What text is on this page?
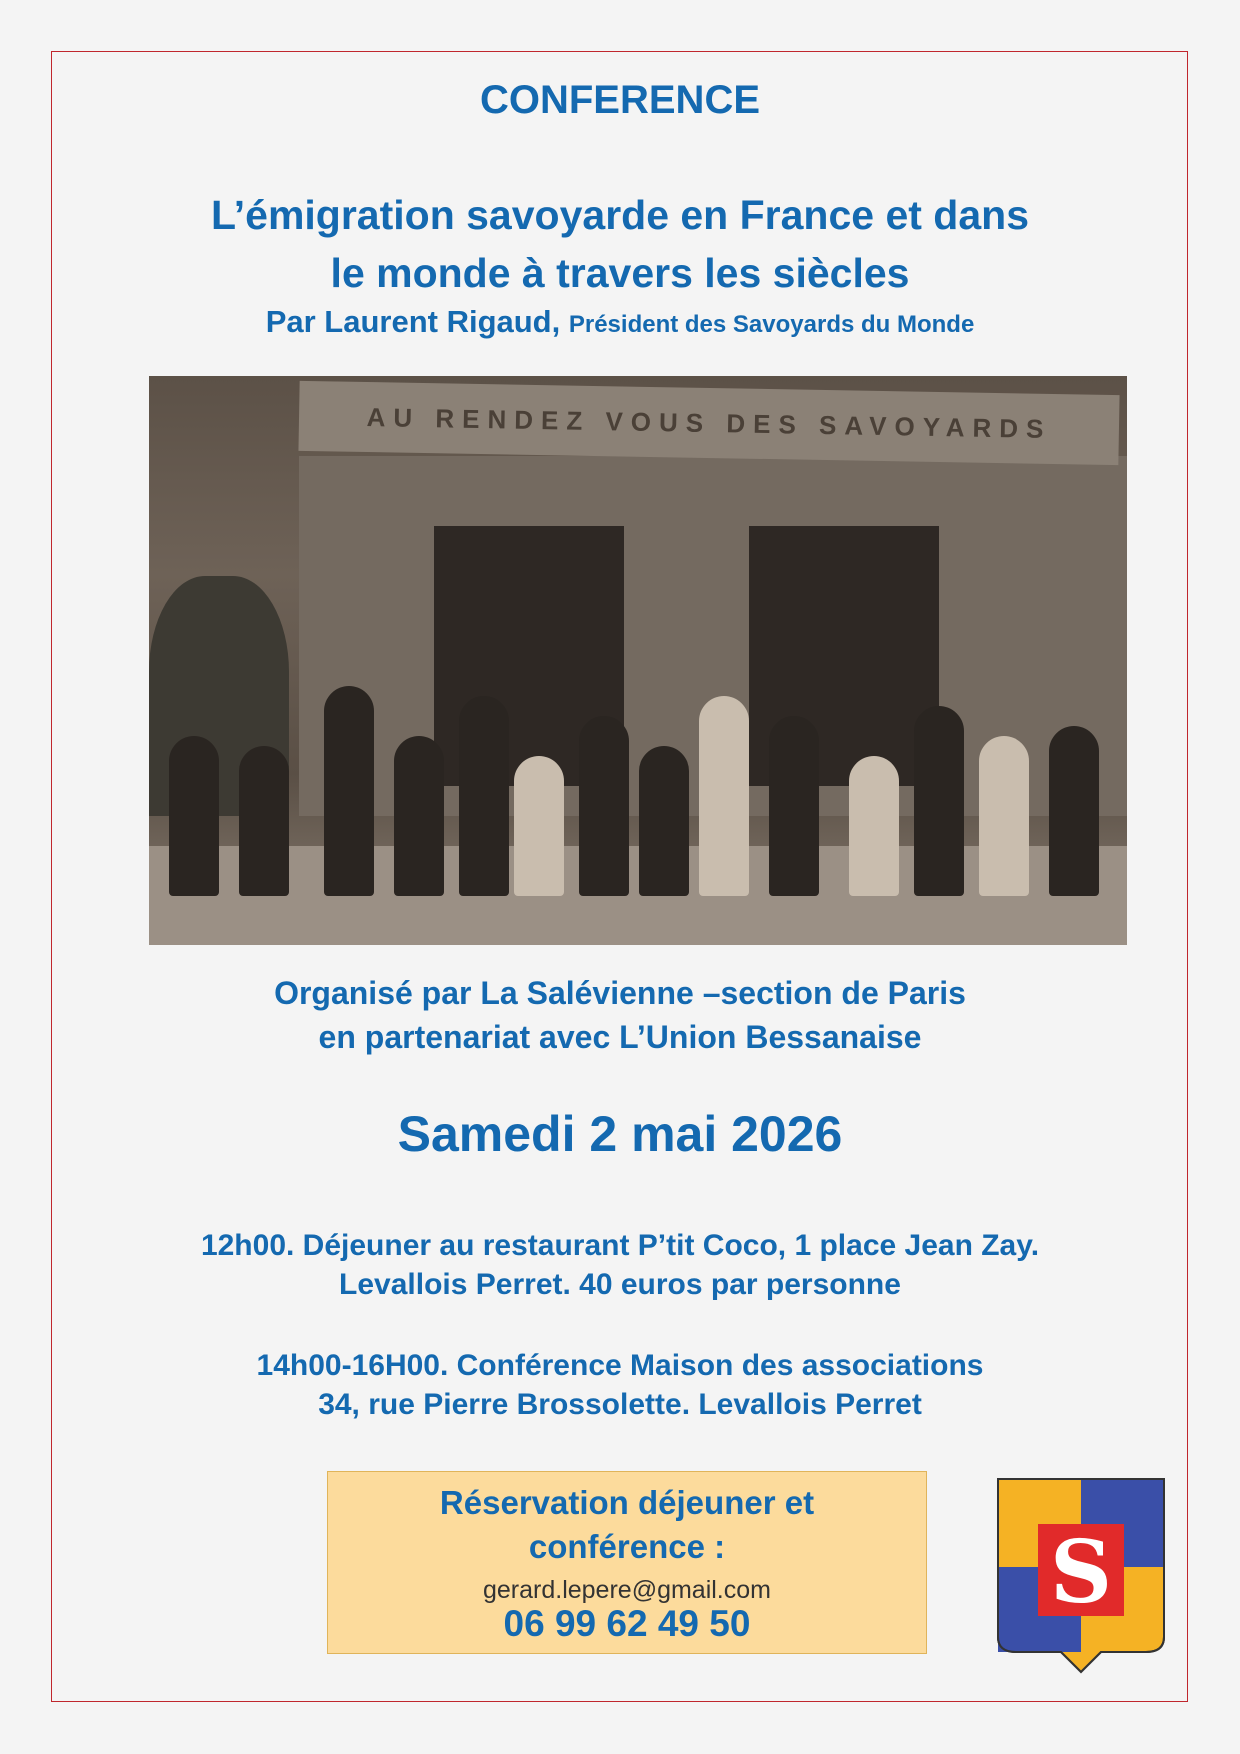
CONFERENCE
L’émigration savoyarde en France et dans
le monde à travers les siècles
Par Laurent Rigaud, Président des Savoyards du Monde
AU RENDEZ VOUS DES SAVOYARDS
Organisé par La Salévienne –section de Paris
en partenariat avec L’Union Bessanaise
Samedi 2 mai 2026
12h00. Déjeuner au restaurant P’tit Coco, 1 place Jean Zay.
Levallois Perret. 40 euros par personne
14h00-16H00. Conférence Maison des associations
34, rue Pierre Brossolette. Levallois Perret
Réservation déjeuner et
conférence :
gerard.lepere@gmail.com
06 99 62 49 50
S
